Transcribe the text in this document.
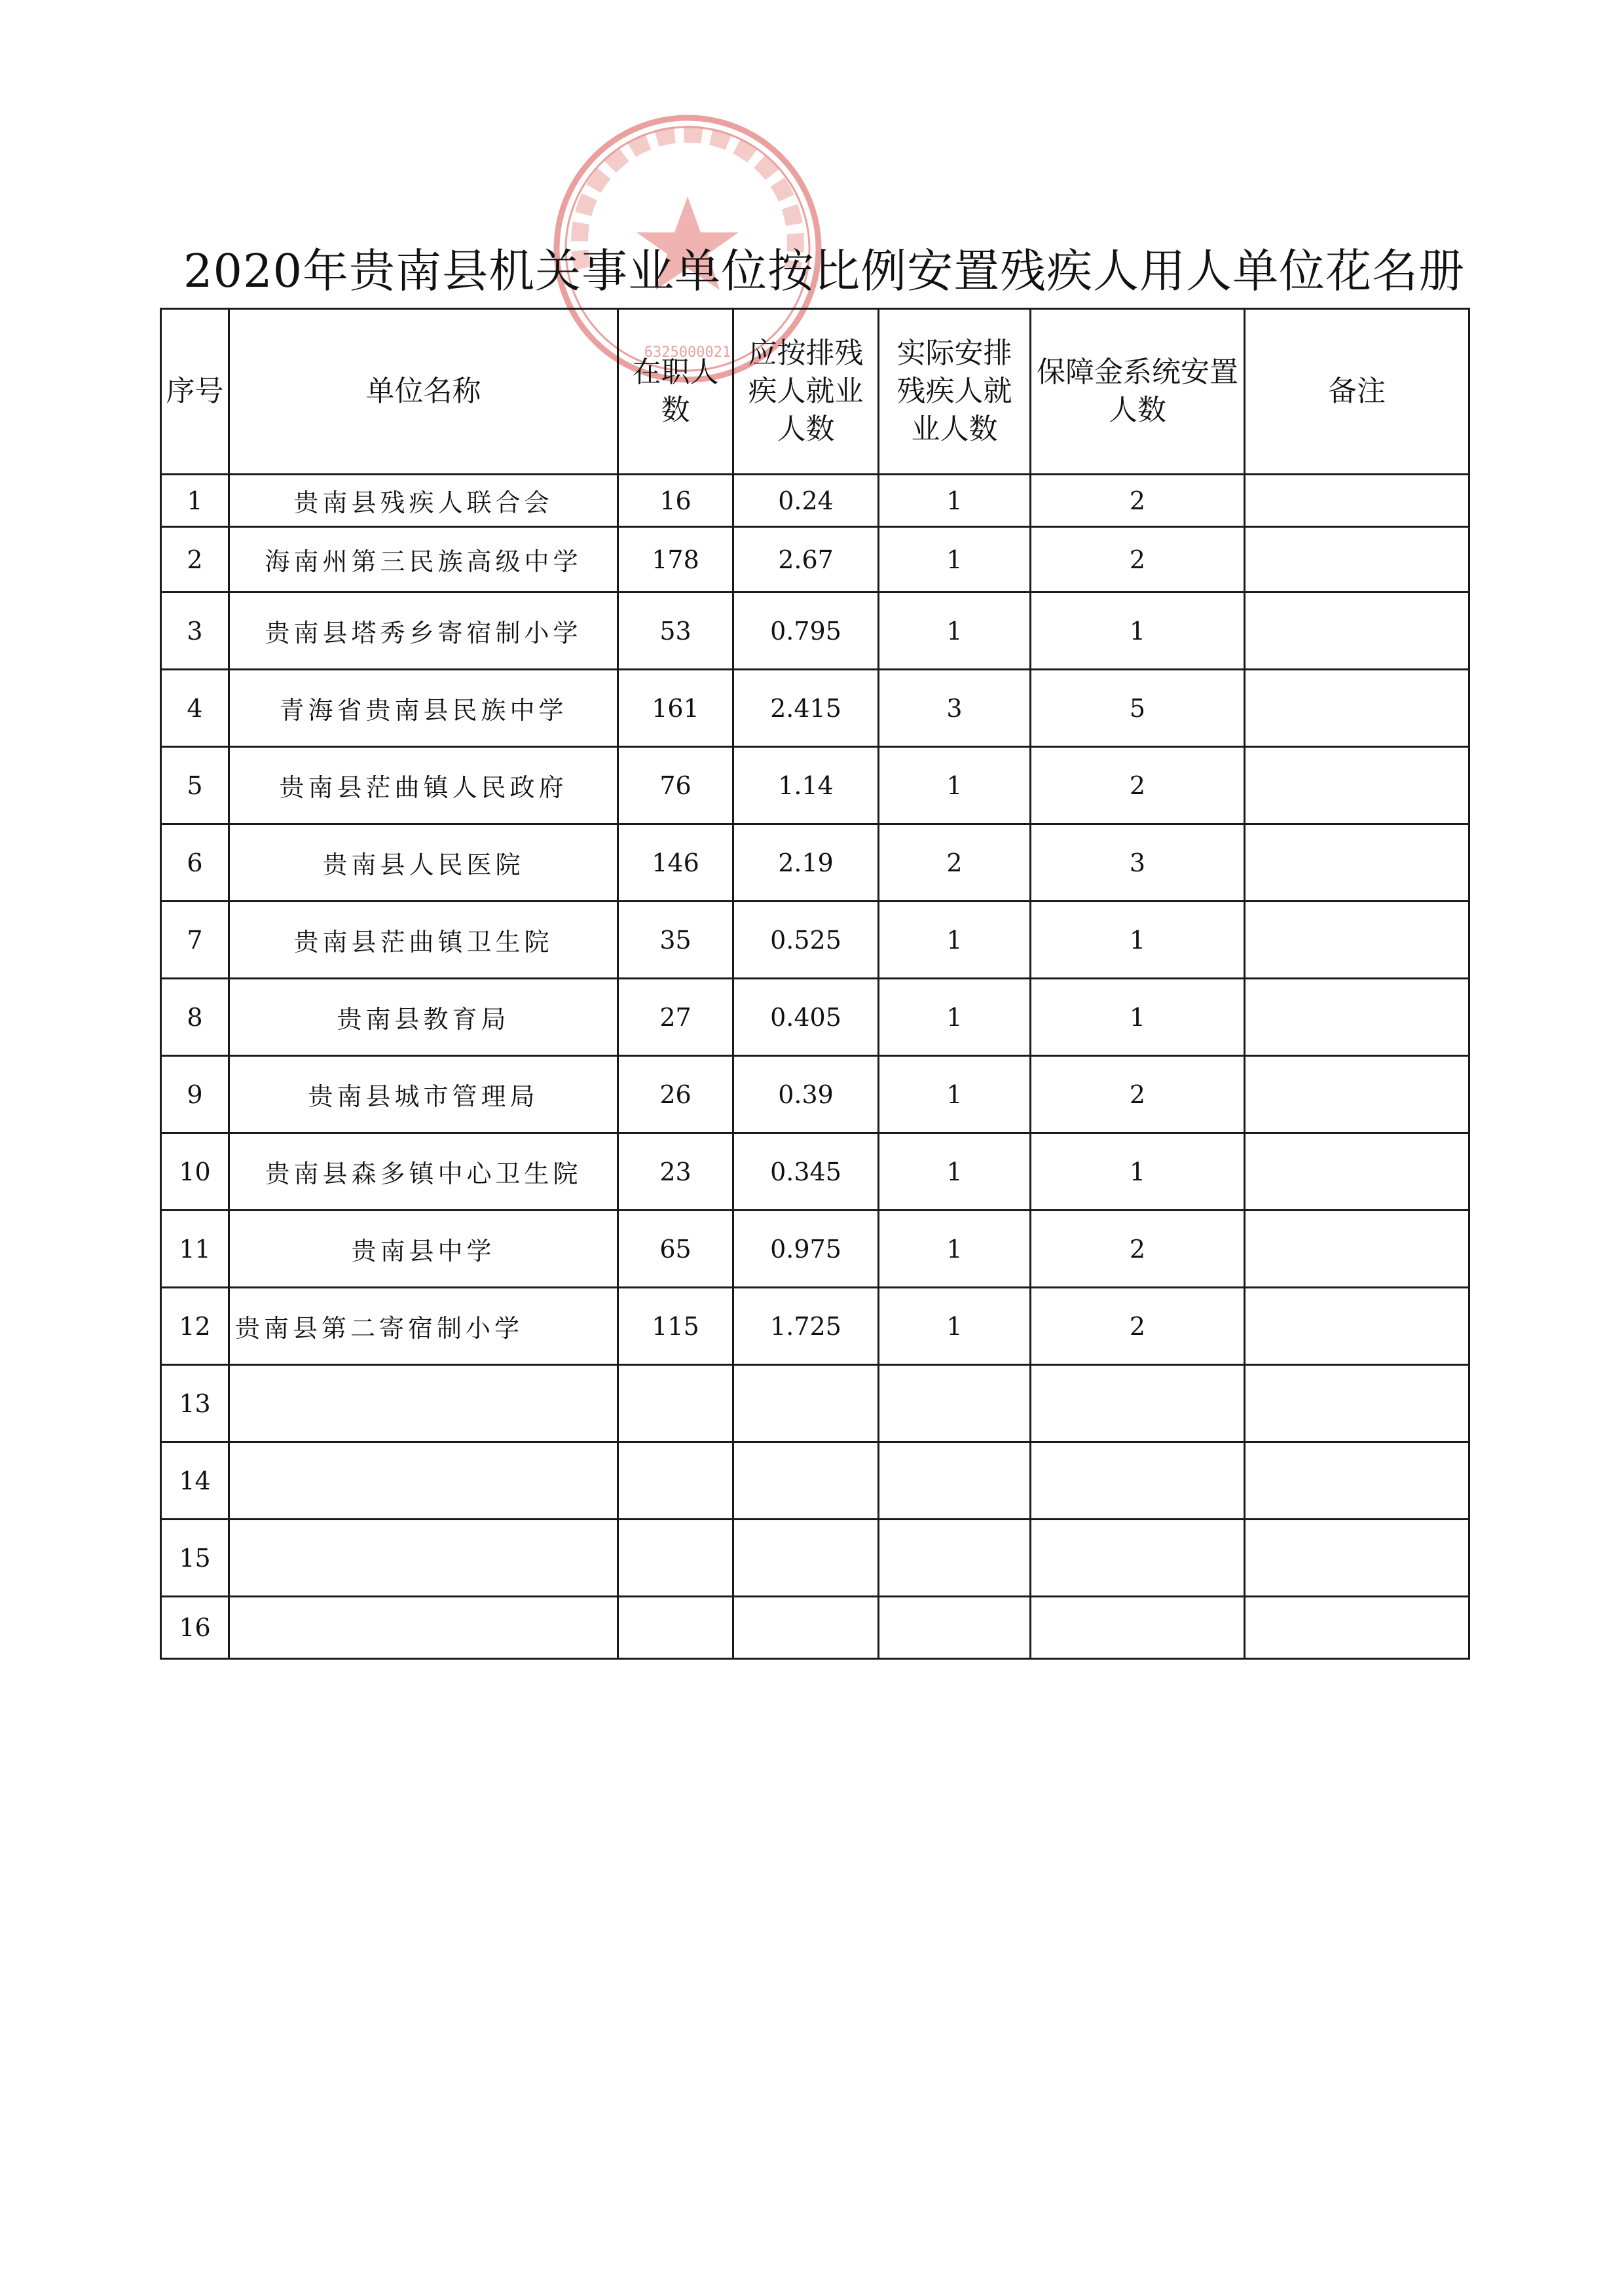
6325000021
2020年贵南县机关事业单位按比例安置残疾人用人单位花名册
序号	单位名称	在职人数	应按排残疾人就业人数	实际安排残疾人就业人数	保障金系统安置人数	备注
1	贵南县残疾人联合会	16	0.24	1	2	
2	海南州第三民族高级中学	178	2.67	1	2	
3	贵南县塔秀乡寄宿制小学	53	0.795	1	1	
4	青海省贵南县民族中学	161	2.415	3	5	
5	贵南县茫曲镇人民政府	76	1.14	1	2	
6	贵南县人民医院	146	2.19	2	3	
7	贵南县茫曲镇卫生院	35	0.525	1	1	
8	贵南县教育局	27	0.405	1	1	
9	贵南县城市管理局	26	0.39	1	2	
10	贵南县森多镇中心卫生院	23	0.345	1	1	
11	贵南县中学	65	0.975	1	2	
12	贵南县第二寄宿制小学	115	1.725	1	2	
13						
14						
15						
16						
